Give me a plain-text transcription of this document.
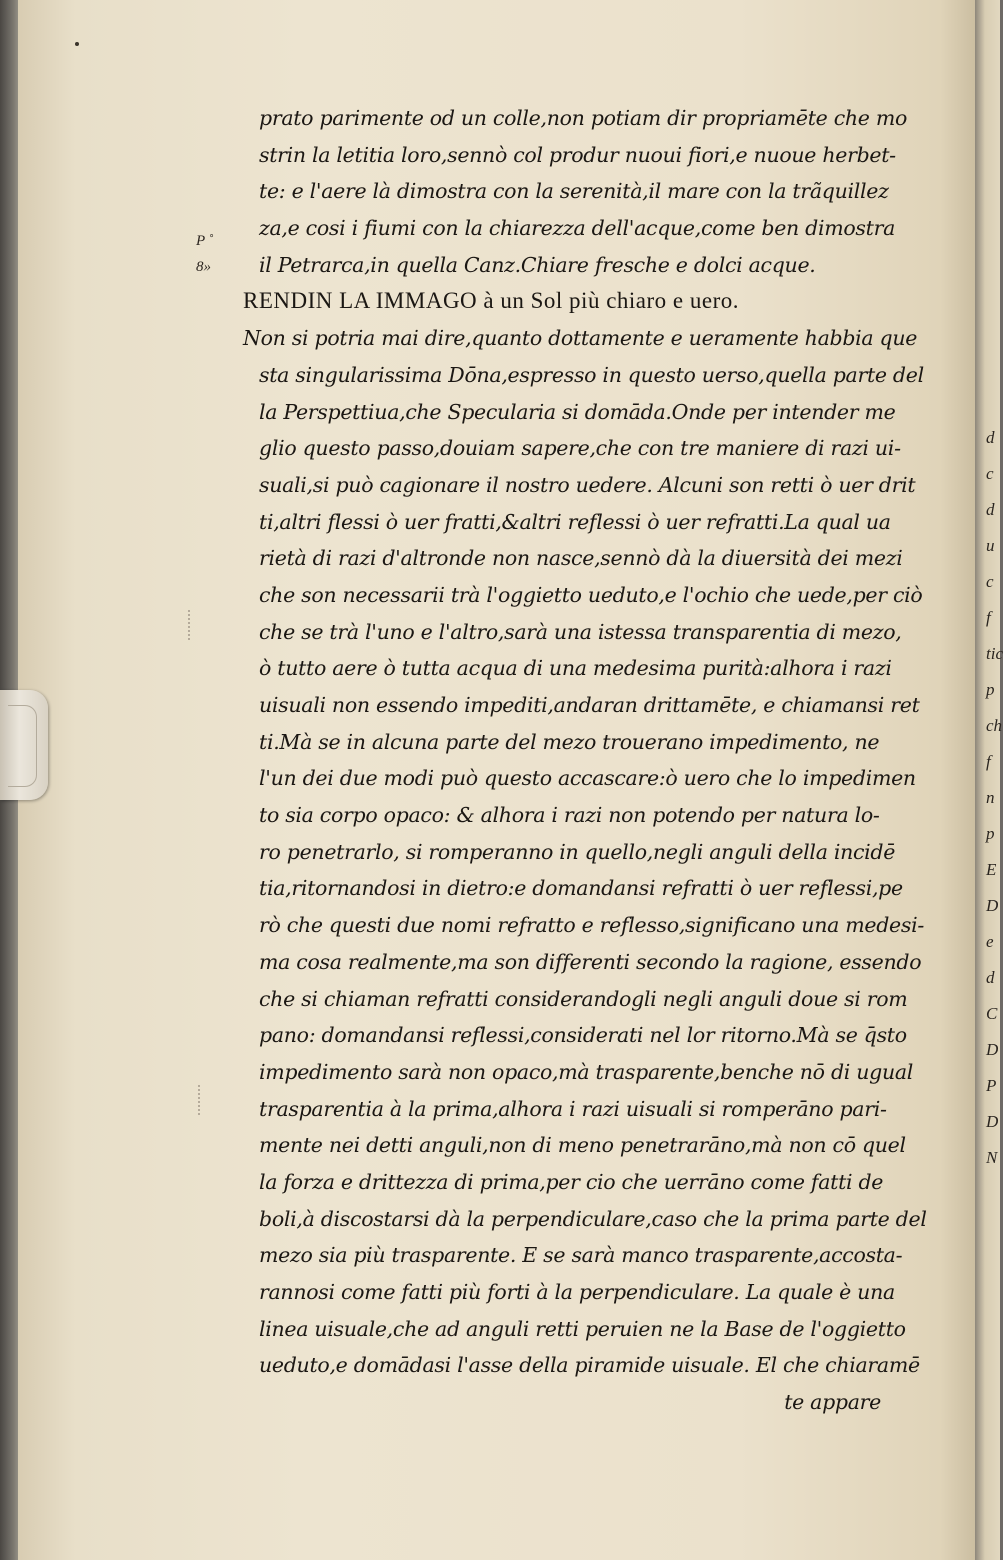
d
c
d
u
c
f
tic
p
ch
f
n
p
E
D
e
d
C
D
P
D
N
P ˚
8»
prato parimente od un colle,non potiam dir propriamēte che mo
strin la letitia loro,sennò col produr nuoui fiori,e nuoue herbet-
te: e l'aere là dimostra con la serenità,il mare con la trãquillez
za,e cosi i fiumi con la chiarezza dell'acque,come ben dimostra
il Petrarca,in quella Canz.Chiare fresche e dolci acque.
RENDIN LA IMMAGO à un Sol più chiaro e uero.
Non si potria mai dire,quanto dottamente e ueramente habbia que
sta singularissima Dōna,espresso in questo uerso,quella parte del
la Perspettiua,che Specularia si domāda.Onde per intender me
glio questo passo,douiam sapere,che con tre maniere di razi ui-
suali,si può cagionare il nostro uedere. Alcuni son retti ò uer drit
ti,altri flessi ò uer fratti,&altri reflessi ò uer refratti.La qual ua
rietà di razi d'altronde non nasce,sennò dà la diuersità dei mezi
che son necessarii trà l'oggietto ueduto,e l'ochio che uede,per ciò
che se trà l'uno e l'altro,sarà una istessa transparentia di mezo,
ò tutto aere ò tutta acqua di una medesima purità:alhora i razi
uisuali non essendo impediti,andaran drittamēte, e chiamansi ret
ti.Mà se in alcuna parte del mezo trouerano impedimento, ne
l'un dei due modi può questo accascare:ò uero che lo impedimen
to sia corpo opaco: & alhora i razi non potendo per natura lo-
ro penetrarlo, si romperanno in quello,negli anguli della incidē
tia,ritornandosi in dietro:e domandansi refratti ò uer reflessi,pe
rò che questi due nomi refratto e reflesso,significano una medesi-
ma cosa realmente,ma son differenti secondo la ragione, essendo
che si chiaman refratti considerandogli negli anguli doue si rom
pano: domandansi reflessi,considerati nel lor ritorno.Mà se q̄sto
impedimento sarà non opaco,mà trasparente,benche nō di ugual
trasparentia à la prima,alhora i razi uisuali si romperāno pari-
mente nei detti anguli,non di meno penetrarāno,mà non cō quel
la forza e drittezza di prima,per cio che uerrāno come fatti de
boli,à discostarsi dà la perpendiculare,caso che la prima parte del
mezo sia più trasparente. E se sarà manco trasparente,accosta-
rannosi come fatti più forti à la perpendiculare. La quale è una
linea uisuale,che ad anguli retti peruien ne la Base de l'oggietto
ueduto,e domādasi l'asse della piramide uisuale. El che chiaramē
te appare
